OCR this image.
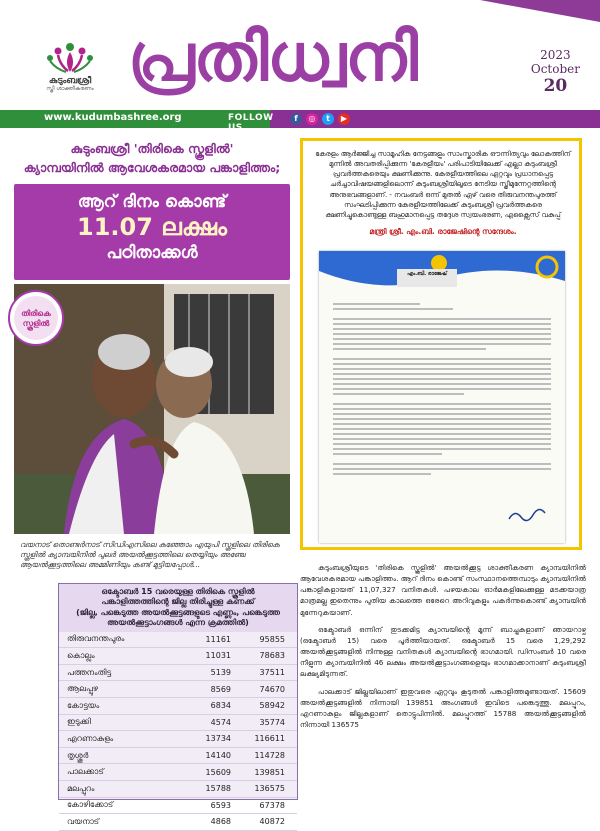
കുടുംബശ്രീ
സ്ത്രീ ശാക്തീകരണം പ്രതിധ്വനി	2023
October
20
www.kudumbashree.org	FOLLOW US
f	◎	t	▶
കുടുംബശ്രീ 'തിരികെ സ്കൂളിൽ'
ക്യാമ്പയിനിൽ ആവേശകരമായ പങ്കാളിത്തം;
ആറ് ദിനം കൊണ്ട്
11.07 ലക്ഷം
പഠിതാക്കൾ
തിരികെ സ്കൂളിൽ
വയനാട് തൊണ്ടർനാട് സിഡിഎസിലെ കുഞ്ഞോം എയുപി സ്കൂളിലെ തിരികെ സ്കൂളിൽ ക്യാമ്പയിനിൽ പുലർ അയൽക്കൂട്ടത്തിലെ തെയ്യിയും അഞ്ചേ ആയൽക്കൂട്ടത്തിലെ അമ്മിണിയും കണ്ട് മുട്ടിയപ്പോൾ...
ഒക്ടോബർ 15 വരെയുള്ള തിരികെ സ്കൂളിൽ
പങ്കാളിത്തത്തിന്റെ ജില്ല തിരിച്ചുള്ള കണക്ക്
(ജില്ല, പങ്കെടുത്ത അയൽക്കൂട്ടങ്ങളുടെ എണ്ണം, പങ്കെടുത്ത
അയൽക്കൂട്ടാംഗങ്ങൾ എന്ന ക്രമത്തിൽ)
തിരുവനന്തപുരം	11161	95855
കൊല്ലം	11031	78683
പത്തനംതിട്ട	5139	37511
ആലപ്പുഴ	8569	74670
കോട്ടയം	6834	58942
ഇടുക്കി	4574	35774
എറണാകുളം	13734	116611
തൃശ്ശൂർ	14140	114728
പാലക്കാട്	15609	139851
മലപ്പുറം	15788	136575
കോഴിക്കോട്	6593	67378
വയനാട്	4868	40872
കേരളം ആർജ്ജിച്ച സാമൂഹിക നേട്ടങ്ങളും സാംസ്കാരിക ഔന്നിത്യവും ലോകത്തിന് മുന്നിൽ അവതരിപ്പിക്കുന്ന 'കേരളീയം' പരിപാടിയിലേക്ക് എല്ലാ കുടുംബശ്രീ പ്രവർത്തകരെയും ക്ഷണിക്കുന്നു. കേരളീയത്തിലെ ഏറ്റവും പ്രധാനപ്പെട്ട ചർച്ചാവിഷയങ്ങളിലൊന്ന് കുടുംബശ്രീയിലൂടെ നേടിയ സ്ത്രീമുന്നേറ്റത്തിന്റെ അനുഭവങ്ങളാണ്. - നവംബർ ഒന്ന് മുതൽ ഏഴ് വരെ തിരുവനന്തപുരത്ത് സംഘടിപ്പിക്കുന്ന കേരളീയത്തിലേക്ക് കുടുംബശ്രീ പ്രവർത്തകരെ ക്ഷണിച്ചുകൊണ്ടുള്ള ബഹുമാനപ്പെട്ട തദ്ദേശ സ്വയംഭരണ, എക്സൈസ് വകുപ്പ്
മന്ത്രി ശ്രീ. എം.ബി. രാജേഷിന്റെ സന്ദേശം.
എം.ബി. രാജേഷ്

കുടുംബശ്രീയുടെ 'തിരികെ സ്കൂളിൽ' അയൽക്കൂട്ട ശാക്തീകരണ ക്യാമ്പയിനിൽ ആവേശകരമായ പങ്കാളിത്തം. ആറ് ദിനം കൊണ്ട് സംസ്ഥാനത്തെമ്പാടും ക്യാമ്പയിനിൽ പങ്കാളികളായത് 11,07,327 വനിതകൾ. പഴയകാല ഓർമകളിലേക്കുള്ള മടക്കയാത്ര മാത്രമല്ല ഇതെന്നും പുതിയ കാലത്തെ ഒരേറെ അറിവുകളും പകർന്നുകൊണ്ട് ക്യാമ്പയിൻ മുന്നേറുകയാണ്.

ഒക്ടോബർ ഒന്നിന് തുടക്കമിട്ട ക്യാമ്പയിന്റെ മൂന്ന് ബാച്ചുകളാണ് ഞായറാഴ്ച (ഒക്ടോബർ 15) വരെ പൂർത്തിയായത്. ഒക്ടോബർ 15 വരെ 1,29,292 അയൽക്കൂട്ടങ്ങളിൽ നിന്നുള്ള വനിതകൾ ക്യാമ്പയിന്റെ ഭാഗമായി. ഡിസംബർ 10 വരെ നീളുന്ന ക്യാമ്പയിനിൽ 46 ലക്ഷം അയൽക്കൂട്ടാംഗങ്ങളെയും ഭാഗമാക്കാനാണ് കുടുംബശ്രീ ലക്ഷ്യമിടുന്നത്.

പാലക്കാട് ജില്ലയിലാണ് ഇതുവരെ ഏറ്റവും കൂടുതൽ പങ്കാളിത്തമുണ്ടായത്. 15609 അയൽക്കൂട്ടങ്ങളിൽ നിന്നായി 139851 അംഗങ്ങൾ ഇവിടെ പങ്കെടുത്തു. മലപ്പുറം, എറണാകുളം ജില്ലകളാണ് തൊട്ടുപിന്നിൽ. മലപ്പുറത്ത് 15788 അയൽക്കൂട്ടങ്ങളിൽ നിന്നായി 136575
